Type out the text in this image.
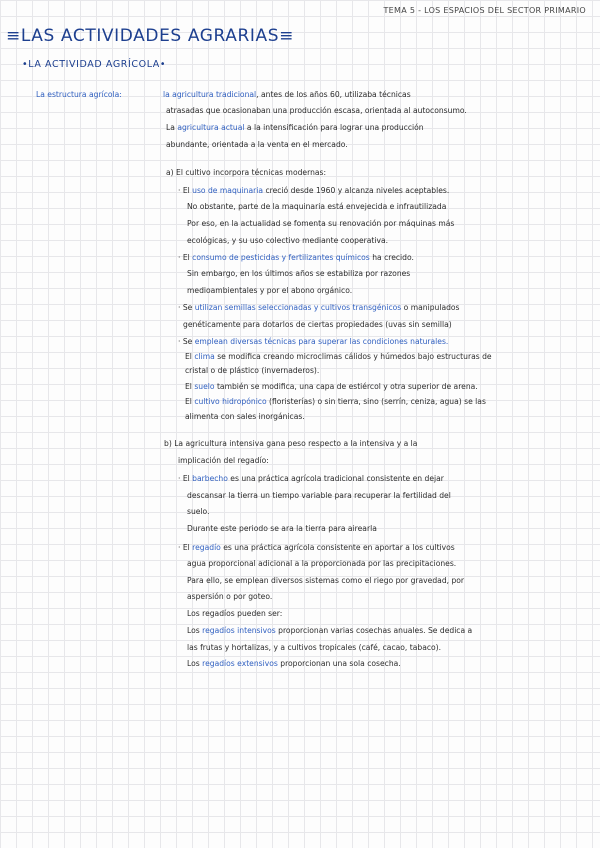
TEMA 5 - LOS ESPACIOS DEL SECTOR PRIMARIO
≡LAS ACTIVIDADES AGRARIAS≡
•LA ACTIVIDAD AGRÍCOLA•
La estructura agrícola:	la agricultura tradicional, antes de los años 60, utilizaba técnicas
atrasadas que ocasionaban una producción escasa, orientada al autoconsumo.
La agricultura actual a la intensificación para lograr una producción
abundante, orientada a la venta en el mercado.
a) El cultivo incorpora técnicas modernas:
· El uso de maquinaria creció desde 1960 y alcanza niveles aceptables.
No obstante, parte de la maquinaria está envejecida e infrautilizada
Por eso, en la actualidad se fomenta su renovación por máquinas más
ecológicas, y su uso colectivo mediante cooperativa.
· El consumo de pesticidas y fertilizantes químicos ha crecido.
Sin embargo, en los últimos años se estabiliza por razones
medioambientales y por el abono orgánico.
· Se utilizan semillas seleccionadas y cultivos transgénicos o manipulados
genéticamente para dotarlos de ciertas propiedades (uvas sin semilla)
· Se emplean diversas técnicas para superar las condiciones naturales.
El clima se modifica creando microclimas cálidos y húmedos bajo estructuras de
cristal o de plástico (invernaderos).
El suelo también se modifica, una capa de estiércol y otra superior de arena.
El cultivo hidropónico (floristerías) o sin tierra, sino (serrín, ceniza, agua) se las
alimenta con sales inorgánicas.
b) La agricultura intensiva gana peso respecto a la intensiva y a la
implicación del regadío:
· El barbecho es una práctica agrícola tradicional consistente en dejar
descansar la tierra un tiempo variable para recuperar la fertilidad del
suelo.
Durante este periodo se ara la tierra para airearla
· El regadío es una práctica agrícola consistente en aportar a los cultivos
agua proporcional adicional a la proporcionada por las precipitaciones.
Para ello, se emplean diversos sistemas como el riego por gravedad, por
aspersión o por goteo.
Los regadíos pueden ser:
Los regadíos intensivos proporcionan varias cosechas anuales. Se dedica a
las frutas y hortalizas, y a cultivos tropicales (café, cacao, tabaco).
Los regadíos extensivos proporcionan una sola cosecha.
